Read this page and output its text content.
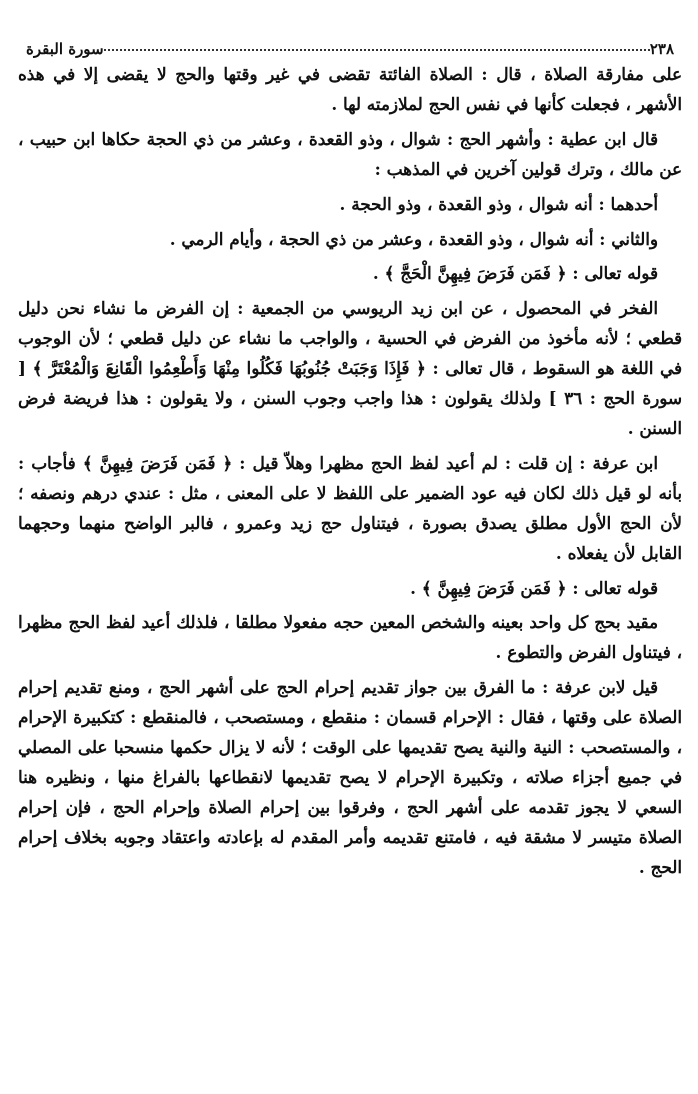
٢٣٨
سورة البقرة

على مفارقة الصلاة ، قال : الصلاة الفائتة تقضى في غير وقتها والحج لا يقضى إلا في هذه الأشهر ، فجعلت كأنها في نفس الحج لملازمته لها .

قال ابن عطية : وأشهر الحج : شوال ، وذو القعدة ، وعشر من ذي الحجة حكاها ابن حبيب ، عن مالك ، وترك قولين آخرين في المذهب :

أحدهما : أنه شوال ، وذو القعدة ، وذو الحجة .

والثاني : أنه شوال ، وذو القعدة ، وعشر من ذي الحجة ، وأيام الرمي .

قوله تعالى : ﴿ فَمَن فَرَضَ فِيهِنَّ الْحَجَّ ﴾ .

الفخر في المحصول ، عن ابن زيد الريوسي من الجمعية : إن الفرض ما نشاء نحن دليل قطعي ؛ لأنه مأخوذ من الفرض في الحسية ، والواجب ما نشاء عن دليل قطعي ؛ لأن الوجوب في اللغة هو السقوط ، قال تعالى : ﴿ فَإِذَا وَجَبَتْ جُنُوبُهَا فَكُلُوا مِنْهَا وَأَطْعِمُوا الْقَانِعَ وَالْمُعْتَرَّ ﴾ [ سورة الحج : ٣٦ ] ولذلك يقولون : هذا واجب وجوب السنن ، ولا يقولون : هذا فريضة فرض السنن .

ابن عرفة : إن قلت : لم أعيد لفظ الحج مظهرا وهلاّ قيل : ﴿ فَمَن فَرَضَ فِيهِنَّ ﴾ فأجاب : بأنه لو قيل ذلك لكان فيه عود الضمير على اللفظ لا على المعنى ، مثل : عندي درهم ونصفه ؛ لأن الحج الأول مطلق يصدق بصورة ، فيتناول حج زيد وعمرو ، فالبر الواضح منهما وحجهما القابل لأن يفعلاه .

قوله تعالى : ﴿ فَمَن فَرَضَ فِيهِنَّ ﴾ .

مقيد بحج كل واحد بعينه والشخص المعين حجه مفعولا مطلقا ، فلذلك أعيد لفظ الحج مظهرا ، فيتناول الفرض والتطوع .

قيل لابن عرفة : ما الفرق بين جواز تقديم إحرام الحج على أشهر الحج ، ومنع تقديم إحرام الصلاة على وقتها ، فقال : الإحرام قسمان : منقطع ، ومستصحب ، فالمنقطع : كتكبيرة الإحرام ، والمستصحب : النية والنية يصح تقديمها على الوقت ؛ لأنه لا يزال حكمها منسحبا على المصلي في جميع أجزاء صلاته ، وتكبيرة الإحرام لا يصح تقديمها لانقطاعها بالفراغ منها ، ونظيره هنا السعي لا يجوز تقدمه على أشهر الحج ، وفرقوا بين إحرام الصلاة وإحرام الحج ، فإن إحرام الصلاة متيسر لا مشقة فيه ، فامتنع تقديمه وأمر المقدم له بإعادته واعتقاد وجوبه بخلاف إحرام الحج .
